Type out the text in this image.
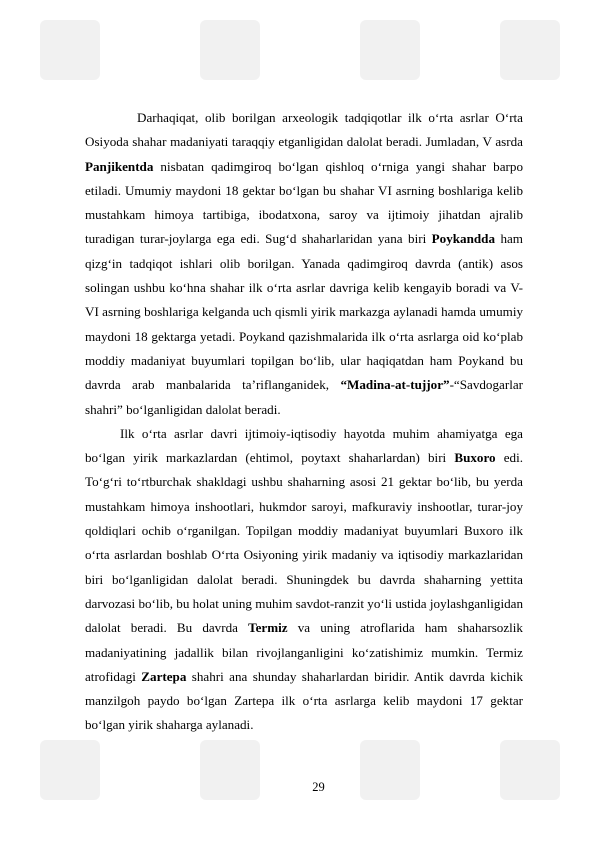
Darhaqiqat, olib borilgan arxeologik tadqiqotlar ilk o‘rta asrlar O‘rta Osiyoda shahar madaniyati taraqqiy etganligidan dalolat beradi. Jumladan, V asrda Panjikentda nisbatan qadimgiroq bo‘lgan qishloq o‘rniga yangi shahar barpo etiladi. Umumiy maydoni 18 gektar bo‘lgan bu shahar VI asrning boshlariga kelib mustahkam himoya tartibiga, ibodatxona, saroy va ijtimoiy jihatdan ajralib turadigan turar-joylarga ega edi. Sug‘d shaharlaridan yana biri Poykandda ham qizg‘in tadqiqot ishlari olib borilgan. Yanada qadimgiroq davrda (antik) asos solingan ushbu ko‘hna shahar ilk o‘rta asrlar davriga kelib kengayib boradi va V-VI asrning boshlariga kelganda uch qismli yirik markazga aylanadi hamda umumiy maydoni 18 gektarga yetadi. Poykand qazishmalarida ilk o‘rta asrlarga oid ko‘plab moddiy madaniyat buyumlari topilgan bo‘lib, ular haqiqatdan ham Poykand bu davrda arab manbalarida ta’riflanganidek, “Madina-at-tujjor”-“Savdogarlar shahri” bo‘lganligidan dalolat beradi.

Ilk o‘rta asrlar davri ijtimoiy-iqtisodiy hayotda muhim ahamiyatga ega bo‘lgan yirik markazlardan (ehtimol, poytaxt shaharlardan) biri Buxoro edi. To‘g‘ri to‘rtburchak shakldagi ushbu shaharning asosi 21 gektar bo‘lib, bu yerda mustahkam himoya inshootlari, hukmdor saroyi, mafkuraviy inshootlar, turar-joy qoldiqlari ochib o‘rganilgan. Topilgan moddiy madaniyat buyumlari Buxoro ilk o‘rta asrlardan boshlab O‘rta Osiyoning yirik madaniy va iqtisodiy markazlaridan biri bo‘lganligidan dalolat beradi. Shuningdek bu davrda shaharning yettita darvozasi bo‘lib, bu holat uning muhim savdot-ranzit yo‘li ustida joylashganligidan dalolat beradi. Bu davrda Termiz va uning atroflarida ham shaharsozlik madaniyatining jadallik bilan rivojlanganligini ko‘zatishimiz mumkin. Termiz atrofidagi Zartepa shahri ana shunday shaharlardan biridir. Antik davrda kichik manzilgoh paydo bo‘lgan Zartepa ilk o‘rta asrlarga kelib maydoni 17 gektar bo‘lgan yirik shaharga aylanadi.

29
